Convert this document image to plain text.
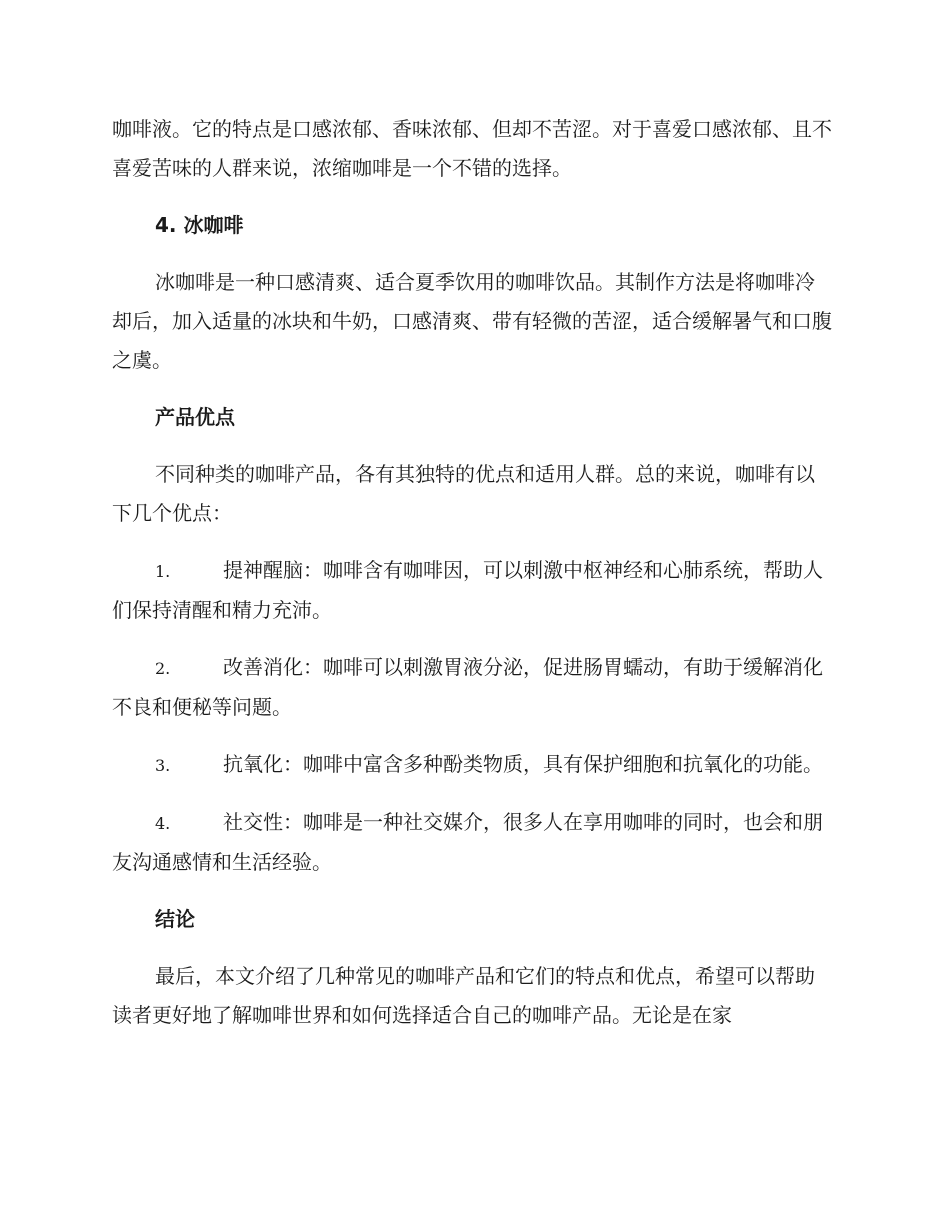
咖啡液。它的特点是口感浓郁、香味浓郁、但却不苦涩。对于喜爱口感浓郁、且不喜爱苦味的人群来说，浓缩咖啡是一个不错的选择。

4. 冰咖啡

冰咖啡是一种口感清爽、适合夏季饮用的咖啡饮品。其制作方法是将咖啡冷却后，加入适量的冰块和牛奶，口感清爽、带有轻微的苦涩，适合缓解暑气和口腹之虞。

产品优点

不同种类的咖啡产品，各有其独特的优点和适用人群。总的来说，咖啡有以下几个优点：

1.	提神醒脑：咖啡含有咖啡因，可以刺激中枢神经和心肺系统，帮助人们保持清醒和精力充沛。

2.	改善消化：咖啡可以刺激胃液分泌，促进肠胃蠕动，有助于缓解消化不良和便秘等问题。

3.	抗氧化：咖啡中富含多种酚类物质，具有保护细胞和抗氧化的功能。

4.	社交性：咖啡是一种社交媒介，很多人在享用咖啡的同时，也会和朋友沟通感情和生活经验。

结论

最后，本文介绍了几种常见的咖啡产品和它们的特点和优点，希望可以帮助读者更好地了解咖啡世界和如何选择适合自己的咖啡产品。无论是在家
